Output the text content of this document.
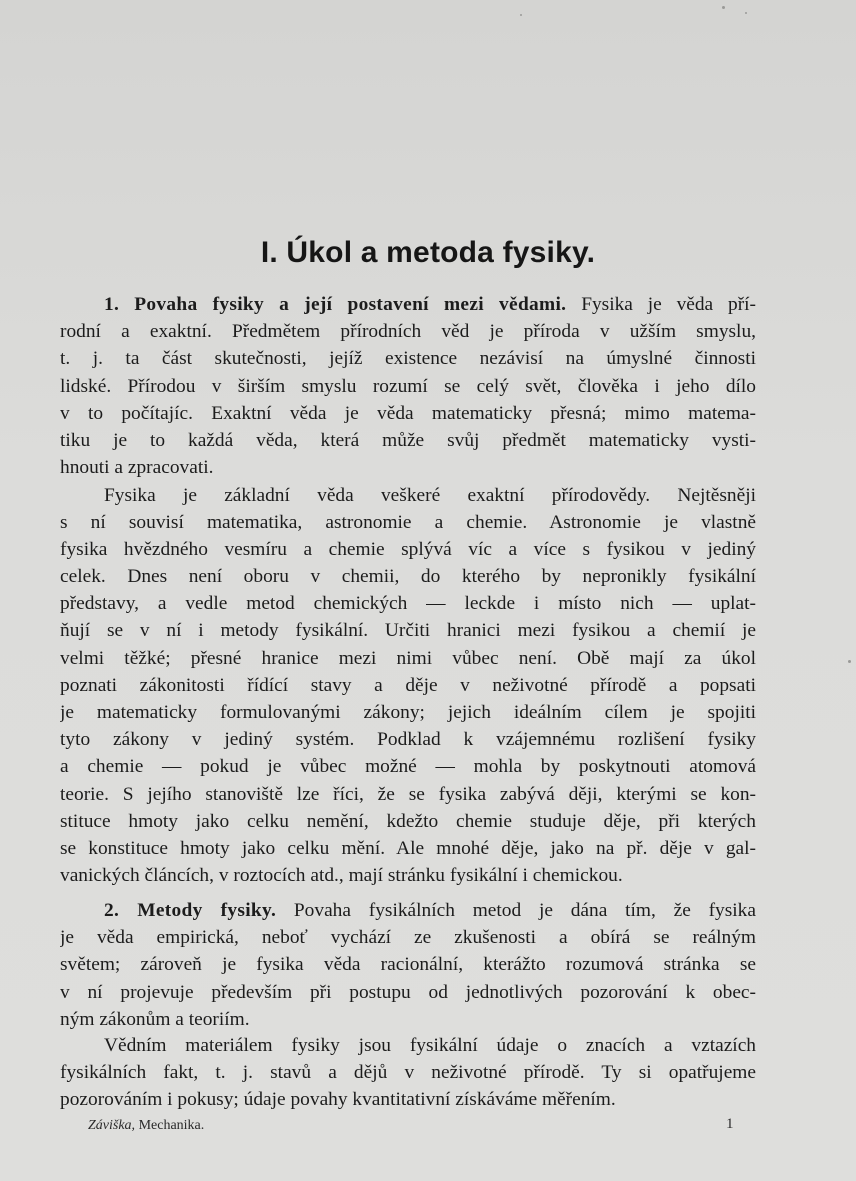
I. Úkol a metoda fysiky.
1. Povaha fysiky a její postavení mezi vědami. Fysika je věda pří-
rodní a exaktní. Předmětem přírodních věd je příroda v užším smyslu,
t. j. ta část skutečnosti, jejíž existence nezávisí na úmyslné činnosti
lidské. Přírodou v širším smyslu rozumí se celý svět, člověka i jeho dílo
v to počítajíc. Exaktní věda je věda matematicky přesná; mimo matema-
tiku je to každá věda, která může svůj předmět matematicky vysti-
hnouti a zpracovati.
Fysika je základní věda veškeré exaktní přírodovědy. Nejtěsněji
s ní souvisí matematika, astronomie a chemie. Astronomie je vlastně
fysika hvězdného vesmíru a chemie splývá víc a více s fysikou v jediný
celek. Dnes není oboru v chemii, do kterého by nepronikly fysikální
představy, a vedle metod chemických — leckde i místo nich — uplat-
ňují se v ní i metody fysikální. Určiti hranici mezi fysikou a chemií je
velmi těžké; přesné hranice mezi nimi vůbec není. Obě mají za úkol
poznati zákonitosti řídící stavy a děje v neživotné přírodě a popsati
je matematicky formulovanými zákony; jejich ideálním cílem je spojiti
tyto zákony v jediný systém. Podklad k vzájemnému rozlišení fysiky
a chemie — pokud je vůbec možné — mohla by poskytnouti atomová
teorie. S jejího stanoviště lze říci, že se fysika zabývá ději, kterými se kon-
stituce hmoty jako celku nemění, kdežto chemie studuje děje, při kterých
se konstituce hmoty jako celku mění. Ale mnohé děje, jako na př. děje v gal-
vanických článcích, v roztocích atd., mají stránku fysikální i chemickou.
2. Metody fysiky. Povaha fysikálních metod je dána tím, že fysika
je věda empirická, neboť vychází ze zkušenosti a obírá se reálným
světem; zároveň je fysika věda racionální, kterážto rozumová stránka se
v ní projevuje především při postupu od jednotlivých pozorování k obec-
ným zákonům a teoriím.
Vědním materiálem fysiky jsou fysikální údaje o znacích a vztazích
fysikálních fakt, t. j. stavů a dějů v neživotné přírodě. Ty si opatřujeme
pozorováním i pokusy; údaje povahy kvantitativní získáváme měřením.
Záviška, Mechanika.	1
